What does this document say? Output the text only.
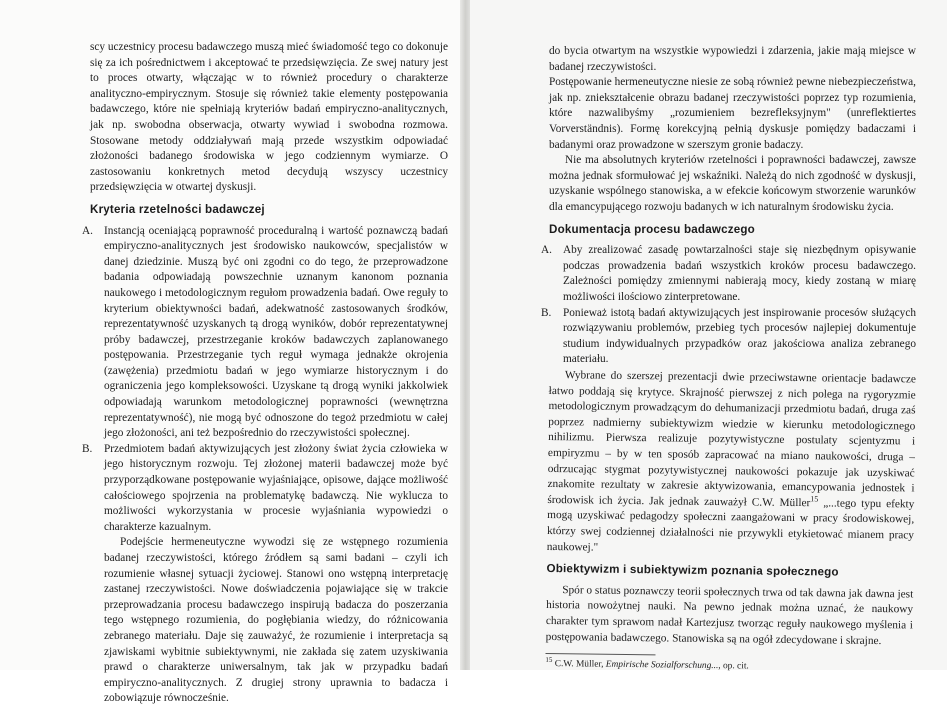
scy uczestnicy procesu badawczego muszą mieć świadomość tego co dokonuje się za ich pośrednictwem i akceptować te przedsięwzięcia. Ze swej natury jest to proces otwarty, włączając w to również procedury o charakterze analityczno-empirycznym. Stosuje się również takie elementy postępowania badawczego, które nie spełniają kryteriów badań empiryczno-analitycznych, jak np. swobodna obserwacja, otwarty wywiad i swobodna rozmowa. Stosowane metody oddziaływań mają przede wszystkim odpowiadać złożoności badanego środowiska w jego codziennym wymiarze. O zastosowaniu konkretnych metod decydują wszyscy uczestnicy przedsięwzięcia w otwartej dyskusji.

Kryteria rzetelności badawczej
A. Instancją oceniającą poprawność proceduralną i wartość poznawczą badań empiryczno-analitycznych jest środowisko naukowców, specjalistów w danej dziedzinie. Muszą być oni zgodni co do tego, że przeprowadzone badania odpowiadają powszechnie uznanym kanonom poznania naukowego i metodologicznym regułom prowadzenia badań. Owe reguły to kryterium obiektywności badań, adekwatność zastosowanych środków, reprezentatywność uzyskanych tą drogą wyników, dobór reprezentatywnej próby badawczej, przestrzeganie kroków badawczych zaplanowanego postępowania. Przestrzeganie tych reguł wymaga jednakże okrojenia (zawężenia) przedmiotu badań w jego wymiarze historycznym i do ograniczenia jego kompleksowości. Uzyskane tą drogą wyniki jakkolwiek odpowiadają warunkom metodologicznej poprawności (wewnętrzna reprezentatywność), nie mogą być odnoszone do tegoż przedmiotu w całej jego złożoności, ani też bezpośrednio do rzeczywistości społecznej.

B. Przedmiotem badań aktywizujących jest złożony świat życia człowieka w jego historycznym rozwoju. Tej złożonej materii badawczej może być przyporządkowane postępowanie wyjaśniające, opisowe, dające możliwość całościowego spojrzenia na problematykę badawczą. Nie wyklucza to możliwości wykorzystania w procesie wyjaśniania wypowiedzi o charakterze kazualnym.

Podejście hermeneutyczne wywodzi się ze wstępnego rozumienia badanej rzeczywistości, którego źródłem są sami badani – czyli ich rozumienie własnej sytuacji życiowej. Stanowi ono wstępną interpretację zastanej rzeczywistości. Nowe doświadczenia pojawiające się w trakcie przeprowadzania procesu badawczego inspirują badacza do poszerzania tego wstępnego rozumienia, do pogłębiania wiedzy, do różnicowania zebranego materiału. Daje się zauważyć, że rozumienie i interpretacja są zjawiskami wybitnie subiektywnymi, nie zakłada się zatem uzyskiwania prawd o charakterze uniwersalnym, tak jak w przypadku badań empiryczno-analitycznych. Z drugiej strony uprawnia to badacza i zobowiązuje równocześnie.

do bycia otwartym na wszystkie wypowiedzi i zdarzenia, jakie mają miejsce w badanej rzeczywistości.

Postępowanie hermeneutyczne niesie ze sobą również pewne niebezpieczeństwa, jak np. zniekształcenie obrazu badanej rzeczywistości poprzez typ rozumienia, które nazwalibyśmy „rozumieniem bezrefleksyjnym" (unreflektiertes Vorverständnis). Formę korekcyjną pełnią dyskusje pomiędzy badaczami i badanymi oraz prowadzone w szerszym gronie badaczy.

Nie ma absolutnych kryteriów rzetelności i poprawności badawczej, zawsze można jednak sformułować jej wskaźniki. Należą do nich zgodność w dyskusji, uzyskanie wspólnego stanowiska, a w efekcie końcowym stworzenie warunków dla emancypującego rozwoju badanych w ich naturalnym środowisku życia.

Dokumentacja procesu badawczego
A. Aby zrealizować zasadę powtarzalności staje się niezbędnym opisywanie podczas prowadzenia badań wszystkich kroków procesu badawczego. Zależności pomiędzy zmiennymi nabierają mocy, kiedy zostaną w miarę możliwości ilościowo zinterpretowane.

B. Ponieważ istotą badań aktywizujących jest inspirowanie procesów służących rozwiązywaniu problemów, przebieg tych procesów najlepiej dokumentuje studium indywidualnych przypadków oraz jakościowa analiza zebranego materiału.

Wybrane do szerszej prezentacji dwie przeciwstawne orientacje badawcze łatwo poddają się krytyce. Skrajność pierwszej z nich polega na rygoryzmie metodologicznym prowadzącym do dehumanizacji przedmiotu badań, druga zaś poprzez nadmierny subiektywizm wiedzie w kierunku metodologicznego nihilizmu. Pierwsza realizuje pozytywistyczne postulaty scjentyzmu i empiryzmu – by w ten sposób zapracować na miano naukowości, druga – odrzucając stygmat pozytywistycznej naukowości pokazuje jak uzyskiwać znakomite rezultaty w zakresie aktywizowania, emancypowania jednostek i środowisk ich życia. Jak jednak zauważył C.W. Müller$^{15}$ „...tego typu efekty mogą uzyskiwać pedagodzy społeczni zaangażowani w pracy środowiskowej, którzy swej codziennej działalności nie przywykli etykietować mianem pracy naukowej."

Obiektywizm i subiektywizm poznania społecznego

Spór o status poznawczy teorii społecznych trwa od tak dawna jak dawna jest historia nowożytnej nauki. Na pewno jednak można uznać, że naukowy charakter tym sprawom nadał Kartezjusz tworząc reguły naukowego myślenia i postępowania badawczego. Stanowiska są na ogół zdecydowane i skrajne.

$^{15}$ C.W. Müller, Empirische Sozialforschung..., op. cit.
